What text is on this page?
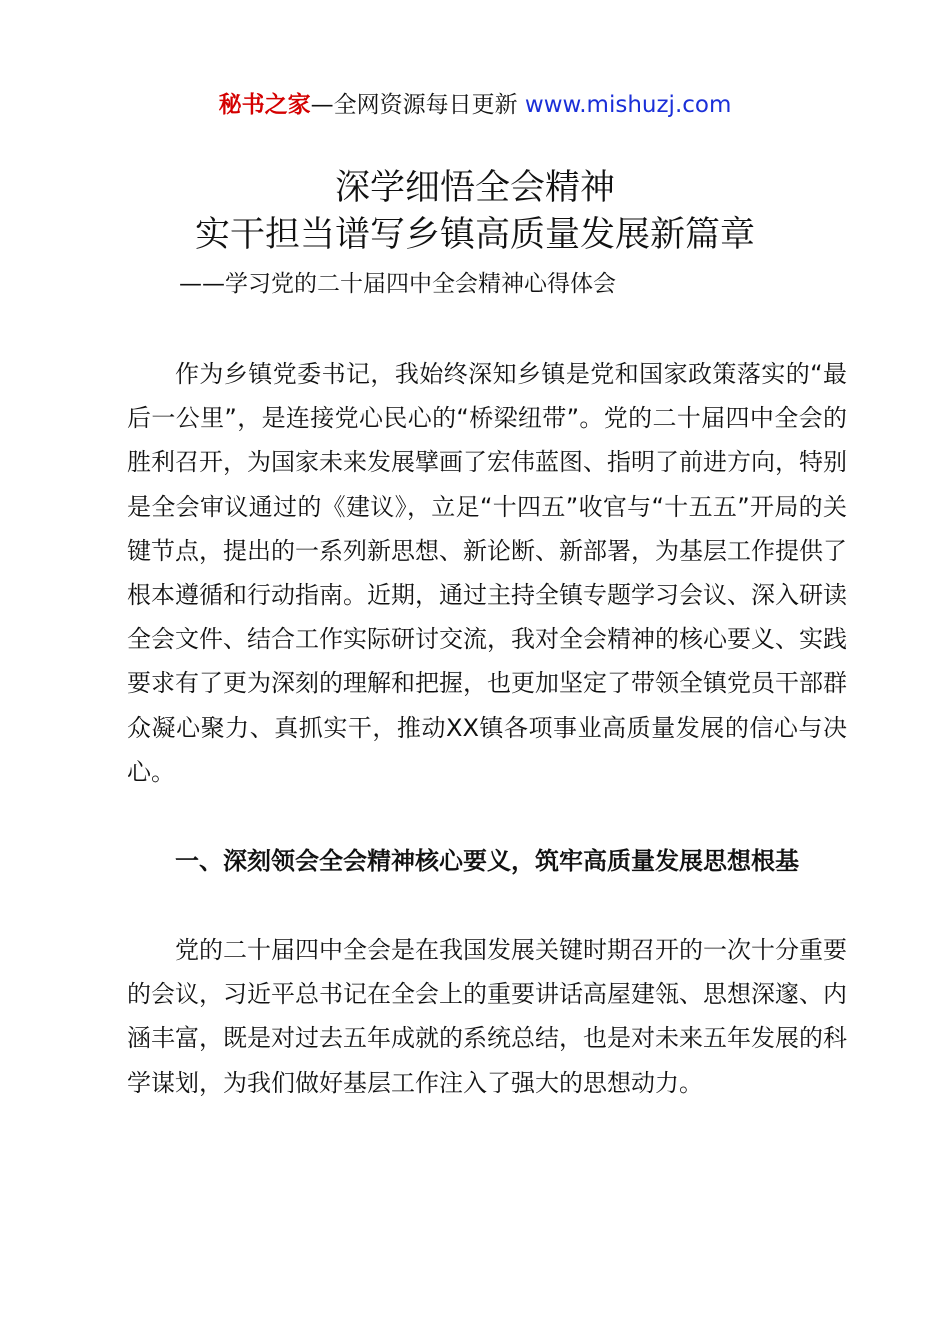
秘书之家—全网资源每日更新 www.mishuzj.com
深学细悟全会精神
实干担当谱写乡镇高质量发展新篇章
——学习党的二十届四中全会精神心得体会

作为乡镇党委书记，我始终深知乡镇是党和国家政策落实的“最后一公里”，是连接党心民心的“桥梁纽带”。党的二十届四中全会的胜利召开，为国家未来发展擘画了宏伟蓝图、指明了前进方向，特别是全会审议通过的《建议》，立足“十四五”收官与“十五五”开局的关键节点，提出的一系列新思想、新论断、新部署，为基层工作提供了根本遵循和行动指南。近期，通过主持全镇专题学习会议、深入研读全会文件、结合工作实际研讨交流，我对全会精神的核心要义、实践要求有了更为深刻的理解和把握，也更加坚定了带领全镇党员干部群众凝心聚力、真抓实干，推动XX镇各项事业高质量发展的信心与决心。

一、深刻领会全会精神核心要义，筑牢高质量发展思想根基

党的二十届四中全会是在我国发展关键时期召开的一次十分重要的会议，习近平总书记在全会上的重要讲话高屋建瓴、思想深邃、内涵丰富，既是对过去五年成就的系统总结，也是对未来五年发展的科学谋划，为我们做好基层工作注入了强大的思想动力。
